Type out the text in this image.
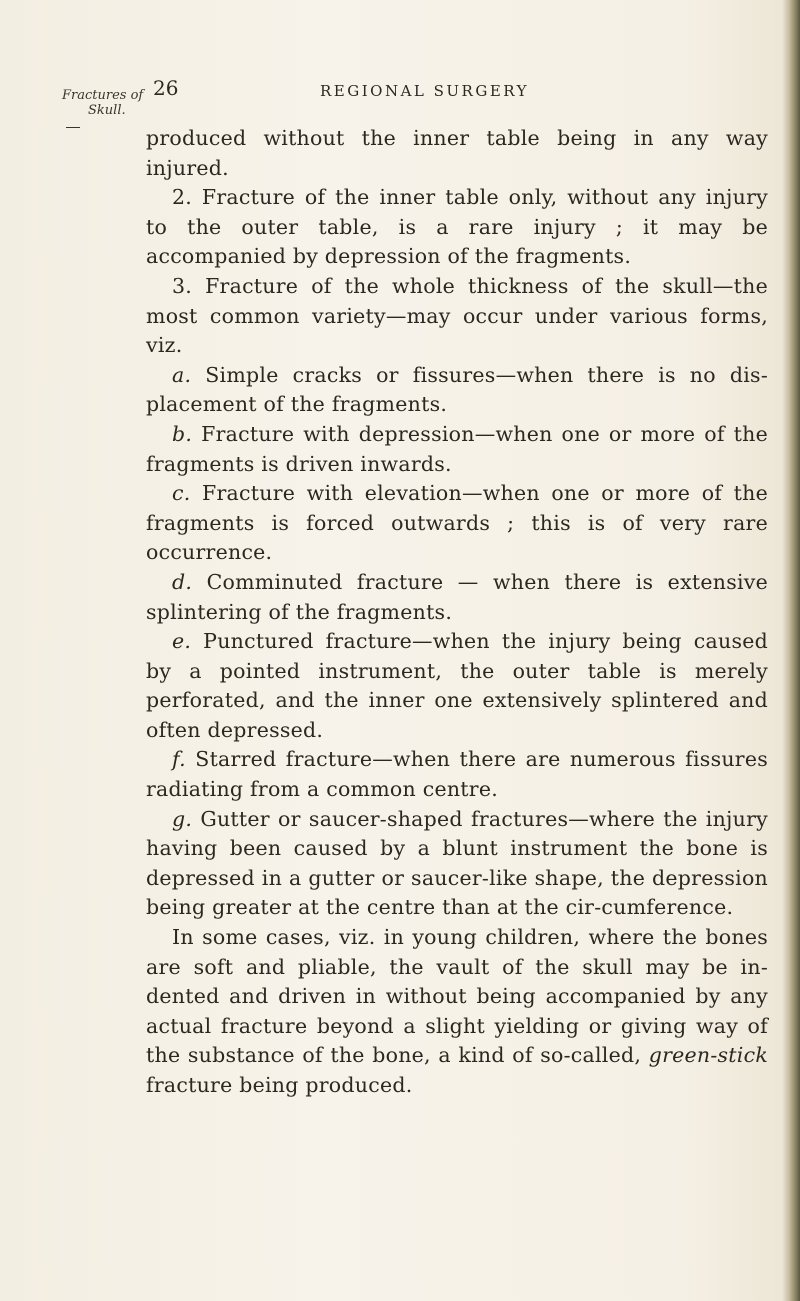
Fractures of
Skull.
26	REGIONAL SURGERY

produced without the inner table being in any way injured.

2. Fracture of the inner table only, without any injury to the outer table, is a rare injury ; it may be accompanied by depression of the fragments.

3. Fracture of the whole thickness of the skull—the most common variety—may occur under various forms, viz.

a. Simple cracks or fissures—when there is no dis-placement of the fragments.

b. Fracture with depression—when one or more of the fragments is driven inwards.

c. Fracture with elevation—when one or more of the fragments is forced outwards ; this is of very rare occurrence.

d. Comminuted fracture — when there is extensive splintering of the fragments.

e. Punctured fracture—when the injury being caused by a pointed instrument, the outer table is merely perforated, and the inner one extensively splintered and often depressed.

f. Starred fracture—when there are numerous fissures radiating from a common centre.

g. Gutter or saucer-shaped fractures—where the injury having been caused by a blunt instrument the bone is depressed in a gutter or saucer-like shape, the depression being greater at the centre than at the cir-cumference.

In some cases, viz. in young children, where the bones are soft and pliable, the vault of the skull may be in-dented and driven in without being accompanied by any actual fracture beyond a slight yielding or giving way of the substance of the bone, a kind of so-called, green-stick fracture being produced.
